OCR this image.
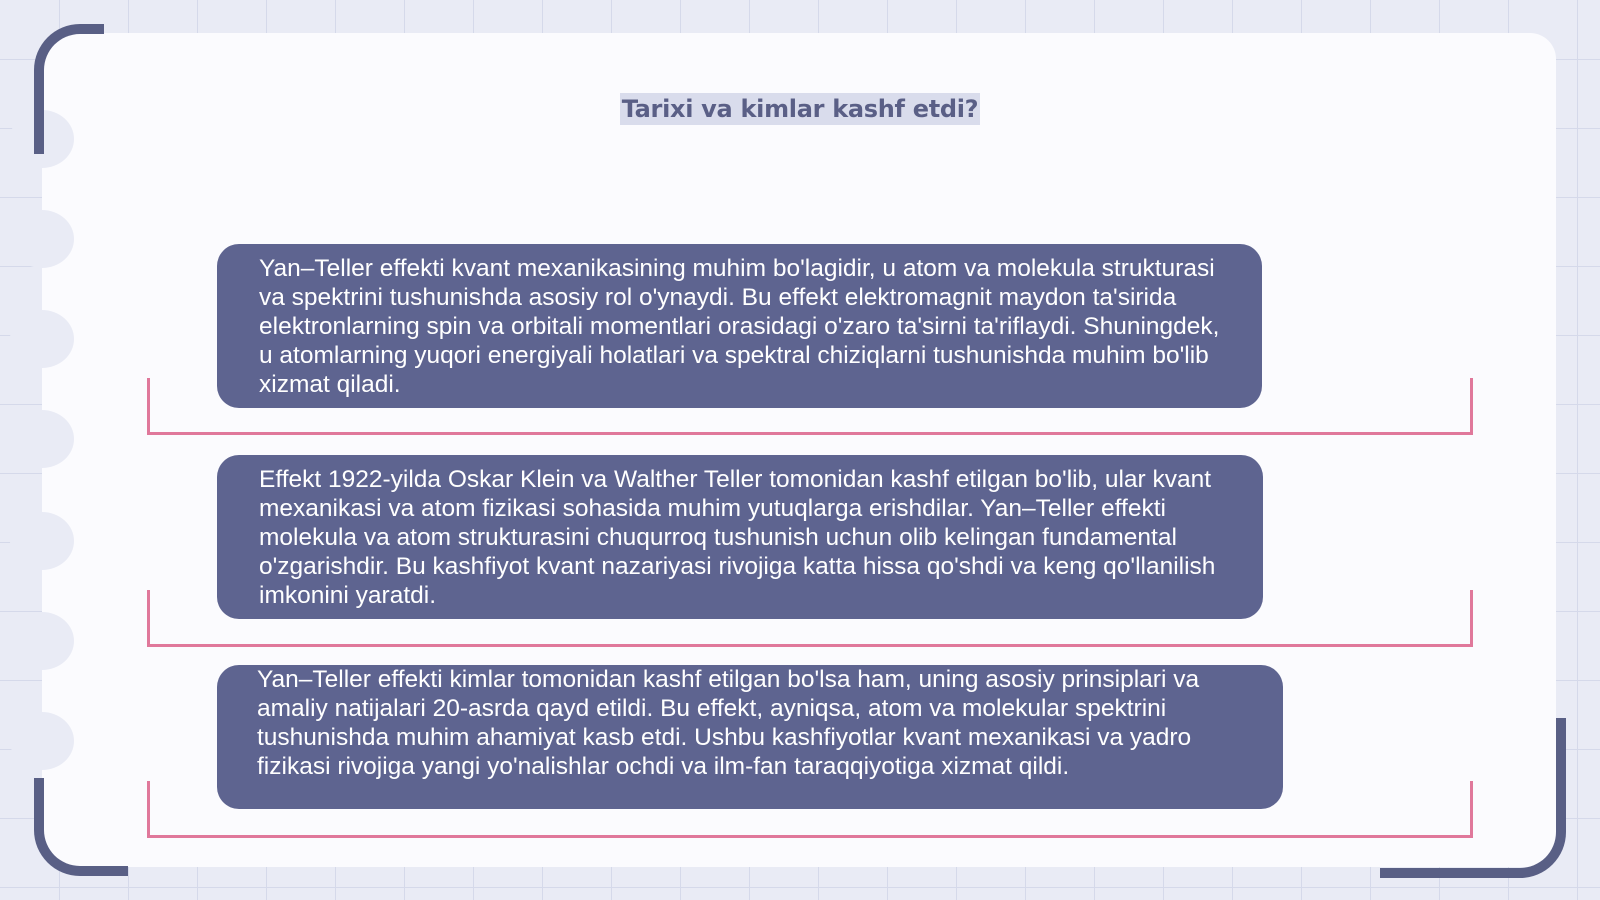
Tarixi va kimlar kashf etdi?

Yan–Teller effekti kvant mexanikasining muhim bo'lagidir, u atom va molekula strukturasi va spektrini tushunishda asosiy rol o'ynaydi. Bu effekt elektromagnit maydon ta'sirida elektronlarning spin va orbitali momentlari orasidagi o'zaro ta'sirni ta'riflaydi. Shuningdek, u atomlarning yuqori energiyali holatlari va spektral chiziqlarni tushunishda muhim bo'lib xizmat qiladi.

Effekt 1922-yilda Oskar Klein va Walther Teller tomonidan kashf etilgan bo'lib, ular kvant mexanikasi va atom fizikasi sohasida muhim yutuqlarga erishdilar. Yan–Teller effekti molekula va atom strukturasini chuqurroq tushunish uchun olib kelingan fundamental o'zgarishdir. Bu kashfiyot kvant nazariyasi rivojiga katta hissa qo'shdi va keng qo'llanilish imkonini yaratdi.

Yan–Teller effekti kimlar tomonidan kashf etilgan bo'lsa ham, uning asosiy prinsiplari va amaliy natijalari 20-asrda qayd etildi. Bu effekt, ayniqsa, atom va molekular spektrini tushunishda muhim ahamiyat kasb etdi. Ushbu kashfiyotlar kvant mexanikasi va yadro fizikasi rivojiga yangi yo'nalishlar ochdi va ilm-fan taraqqiyotiga xizmat qildi.
